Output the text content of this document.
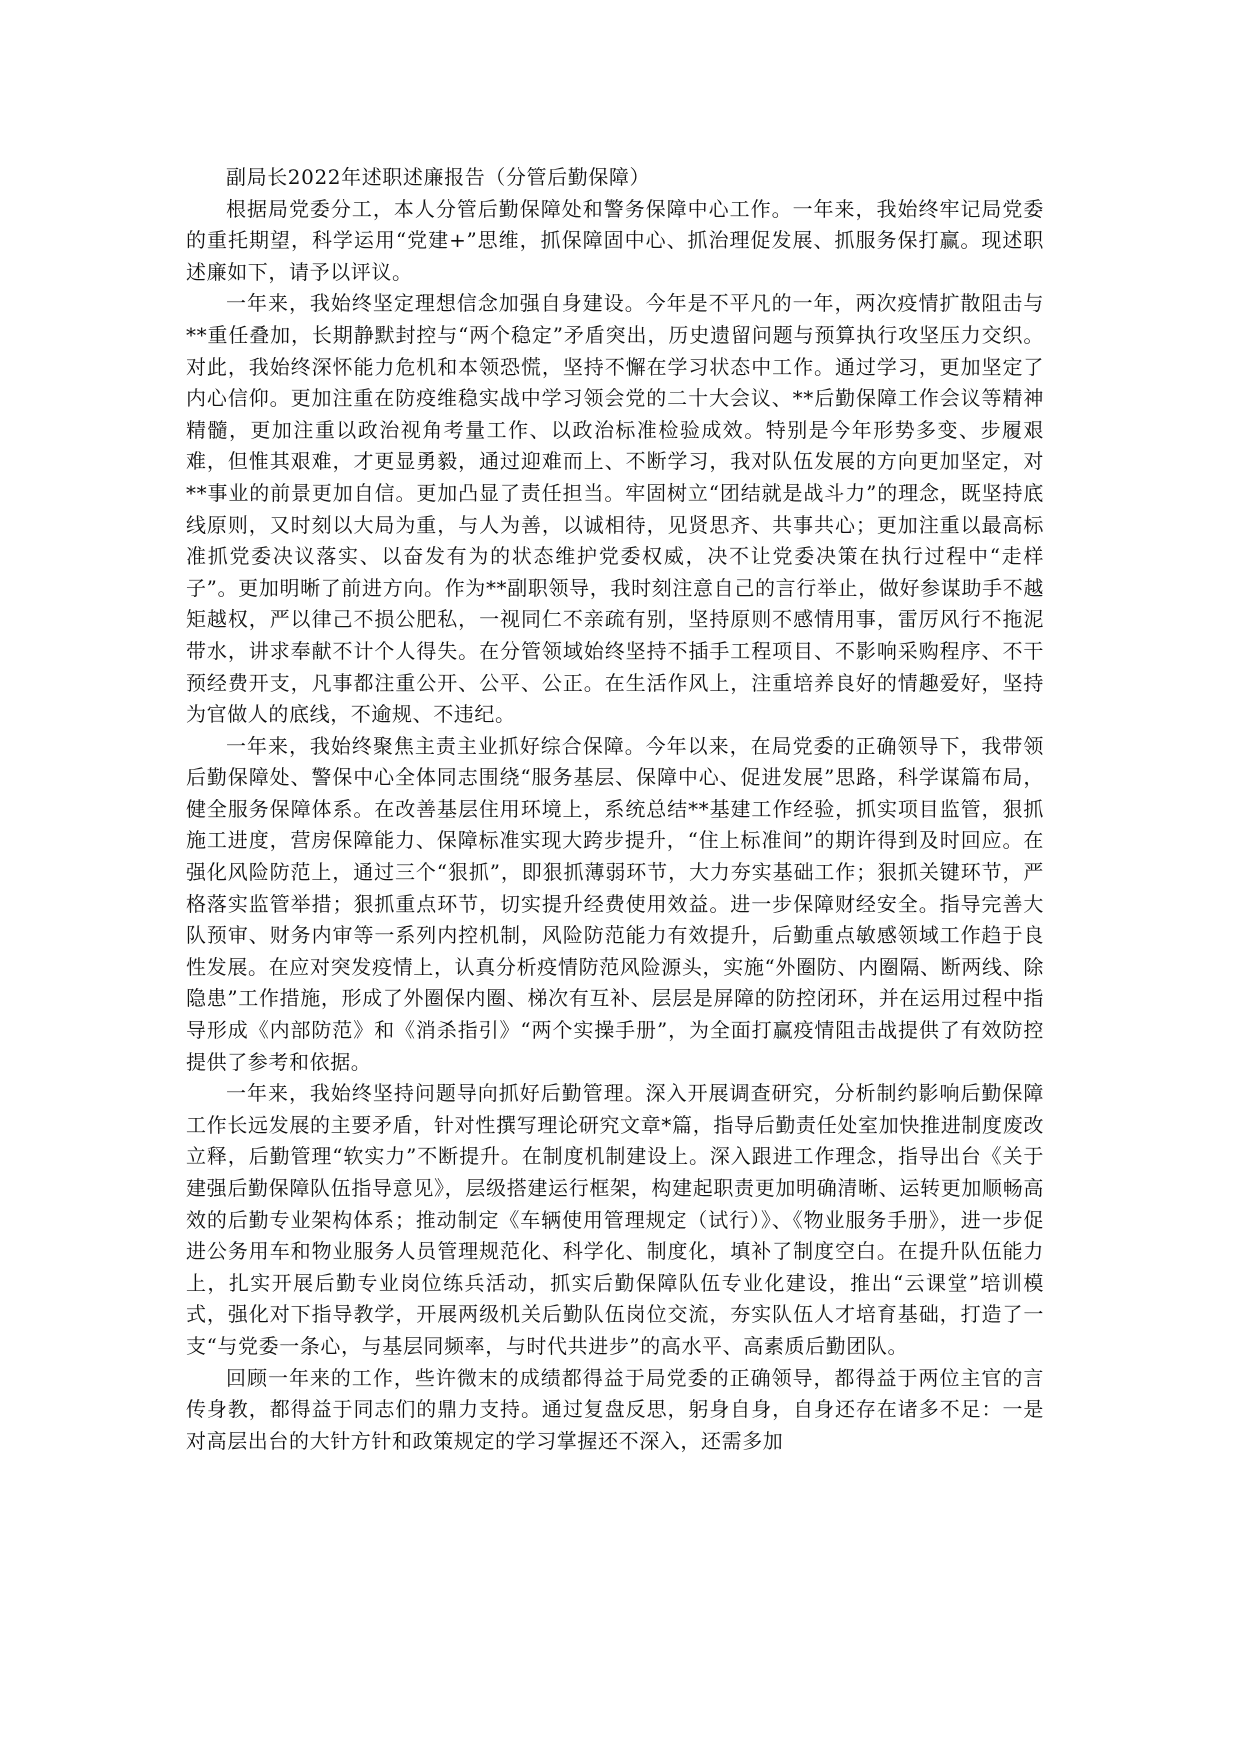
副局长2022年述职述廉报告（分管后勤保障）

根据局党委分工，本人分管后勤保障处和警务保障中心工作。一年来，我始终牢记局党委的重托期望，科学运用“党建+”思维，抓保障固中心、抓治理促发展、抓服务保打赢。现述职述廉如下，请予以评议。

一年来，我始终坚定理想信念加强自身建设。今年是不平凡的一年，两次疫情扩散阻击与**重任叠加，长期静默封控与“两个稳定”矛盾突出，历史遗留问题与预算执行攻坚压力交织。对此，我始终深怀能力危机和本领恐慌，坚持不懈在学习状态中工作。通过学习，更加坚定了内心信仰。更加注重在防疫维稳实战中学习领会党的二十大会议、**后勤保障工作会议等精神精髓，更加注重以政治视角考量工作、以政治标准检验成效。特别是今年形势多变、步履艰难，但惟其艰难，才更显勇毅，通过迎难而上、不断学习，我对队伍发展的方向更加坚定，对**事业的前景更加自信。更加凸显了责任担当。牢固树立“团结就是战斗力”的理念，既坚持底线原则，又时刻以大局为重，与人为善，以诚相待，见贤思齐、共事共心；更加注重以最高标准抓党委决议落实、以奋发有为的状态维护党委权威，决不让党委决策在执行过程中“走样子”。更加明晰了前进方向。作为**副职领导，我时刻注意自己的言行举止，做好参谋助手不越矩越权，严以律己不损公肥私，一视同仁不亲疏有别，坚持原则不感情用事，雷厉风行不拖泥带水，讲求奉献不计个人得失。在分管领域始终坚持不插手工程项目、不影响采购程序、不干预经费开支，凡事都注重公开、公平、公正。在生活作风上，注重培养良好的情趣爱好，坚持为官做人的底线，不逾规、不违纪。

一年来，我始终聚焦主责主业抓好综合保障。今年以来，在局党委的正确领导下，我带领后勤保障处、警保中心全体同志围绕“服务基层、保障中心、促进发展”思路，科学谋篇布局，健全服务保障体系。在改善基层住用环境上，系统总结**基建工作经验，抓实项目监管，狠抓施工进度，营房保障能力、保障标准实现大跨步提升，“住上标准间”的期许得到及时回应。在强化风险防范上，通过三个“狠抓”，即狠抓薄弱环节，大力夯实基础工作；狠抓关键环节，严格落实监管举措；狠抓重点环节，切实提升经费使用效益。进一步保障财经安全。指导完善大队预审、财务内审等一系列内控机制，风险防范能力有效提升，后勤重点敏感领域工作趋于良性发展。在应对突发疫情上，认真分析疫情防范风险源头，实施“外圈防、内圈隔、断两线、除隐患”工作措施，形成了外圈保内圈、梯次有互补、层层是屏障的防控闭环，并在运用过程中指导形成《内部防范》和《消杀指引》“两个实操手册”，为全面打赢疫情阻击战提供了有效防控提供了参考和依据。

一年来，我始终坚持问题导向抓好后勤管理。深入开展调查研究，分析制约影响后勤保障工作长远发展的主要矛盾，针对性撰写理论研究文章*篇，指导后勤责任处室加快推进制度废改立释，后勤管理“软实力”不断提升。在制度机制建设上。深入跟进工作理念，指导出台《关于建强后勤保障队伍指导意见》，层级搭建运行框架，构建起职责更加明确清晰、运转更加顺畅高效的后勤专业架构体系；推动制定《车辆使用管理规定（试行）》、《物业服务手册》，进一步促进公务用车和物业服务人员管理规范化、科学化、制度化，填补了制度空白。在提升队伍能力上，扎实开展后勤专业岗位练兵活动，抓实后勤保障队伍专业化建设，推出“云课堂”培训模式，强化对下指导教学，开展两级机关后勤队伍岗位交流，夯实队伍人才培育基础，打造了一支“与党委一条心，与基层同频率，与时代共进步”的高水平、高素质后勤团队。

回顾一年来的工作，些许微末的成绩都得益于局党委的正确领导，都得益于两位主官的言传身教，都得益于同志们的鼎力支持。通过复盘反思，躬身自身，自身还存在诸多不足：一是对高层出台的大针方针和政策规定的学习掌握还不深入，还需多加
